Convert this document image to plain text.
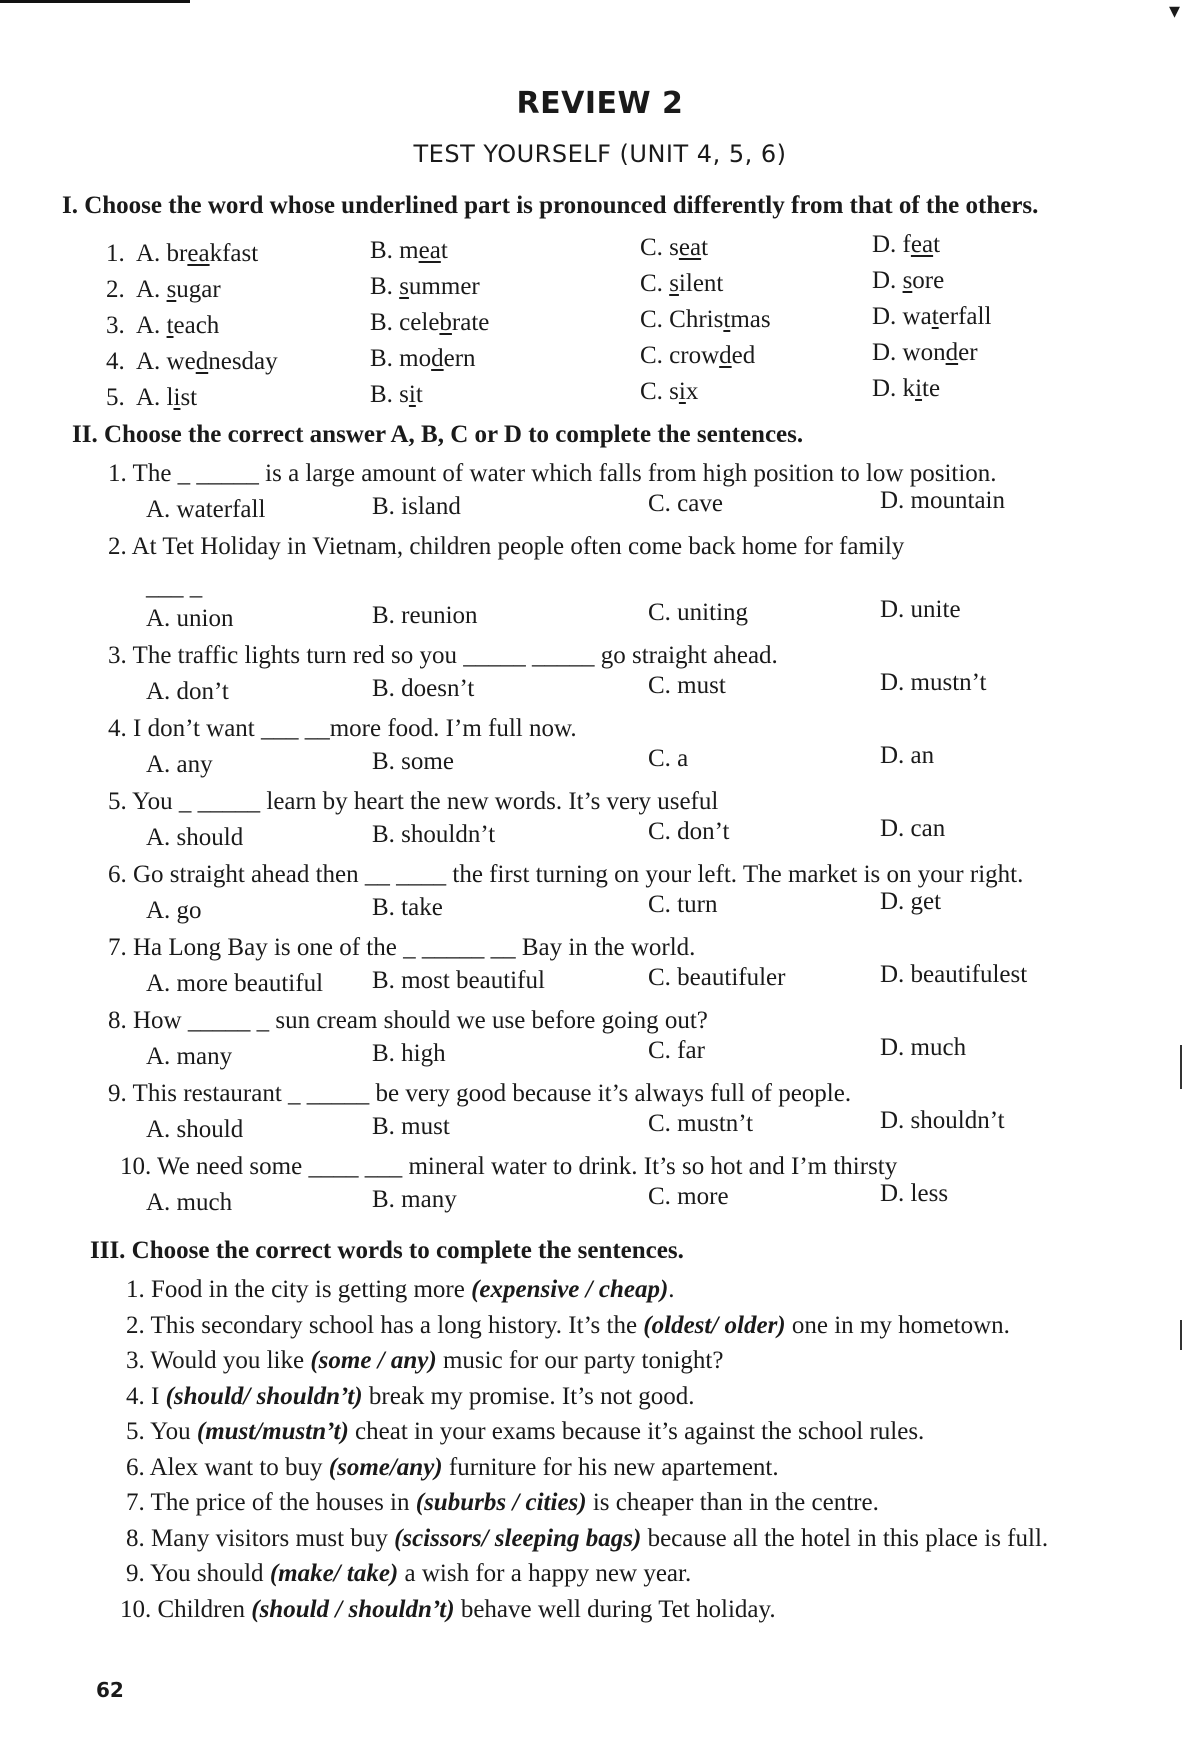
▾
REVIEW 2
TEST YOURSELF (UNIT 4, 5, 6)
I. Choose the word whose underlined part is pronounced differently from that of the others.
1. A. breakfast	B. meat	C. seat	D. feat
2. A. sugar	B. summer	C. silent	D. sore
3. A. teach	B. celebrate	C. Christmas	D. waterfall
4. A. wednesday	B. modern	C. crowded	D. wonder
5. A. list	B. sit	C. six	D. kite
II. Choose the correct answer A, B, C or D to complete the sentences.
1. The _ _____ is a large amount of water which falls from high position to low position.
A. waterfall	B. island	C. cave	D. mountain
2. At Tet Holiday in Vietnam, children people often come back home for family
___ _
A. union	B. reunion	C. uniting	D. unite
3. The traffic lights turn red so you _____ _____ go straight ahead.
A. don’t	B. doesn’t	C. must	D. mustn’t
4. I don’t want ___ __more food. I’m full now.
A. any	B. some	C. a	D. an
5. You _ _____ learn by heart the new words. It’s very useful
A. should	B. shouldn’t	C. don’t	D. can
6. Go straight ahead then __ ____ the first turning on your left. The market is on your right.
A. go	B. take	C. turn	D. get
7. Ha Long Bay is one of the _ _____ __ Bay in the world.
A. more beautiful B. most beautiful	C. beautifuler	D. beautifulest
8. How _____ _ sun cream should we use before going out?
A. many	B. high	C. far	D. much
9. This restaurant _ _____ be very good because it’s always full of people.
A. should	B. must	C. mustn’t	D. shouldn’t
10. We need some ____ ___ mineral water to drink. It’s so hot and I’m thirsty
A. much	B. many	C. more	D. less
III. Choose the correct words to complete the sentences.
1. Food in the city is getting more (expensive / cheap).
2. This secondary school has a long history. It’s the (oldest/ older) one in my hometown.
3. Would you like (some / any) music for our party tonight?
4. I (should/ shouldn’t) break my promise. It’s not good.
5. You (must/mustn’t) cheat in your exams because it’s against the school rules.
6. Alex want to buy (some/any) furniture for his new apartement.
7. The price of the houses in (suburbs / cities) is cheaper than in the centre.
8. Many visitors must buy (scissors/ sleeping bags) because all the hotel in this place is full.
9. You should (make/ take) a wish for a happy new year.
10. Children (should / shouldn’t) behave well during Tet holiday.
62
